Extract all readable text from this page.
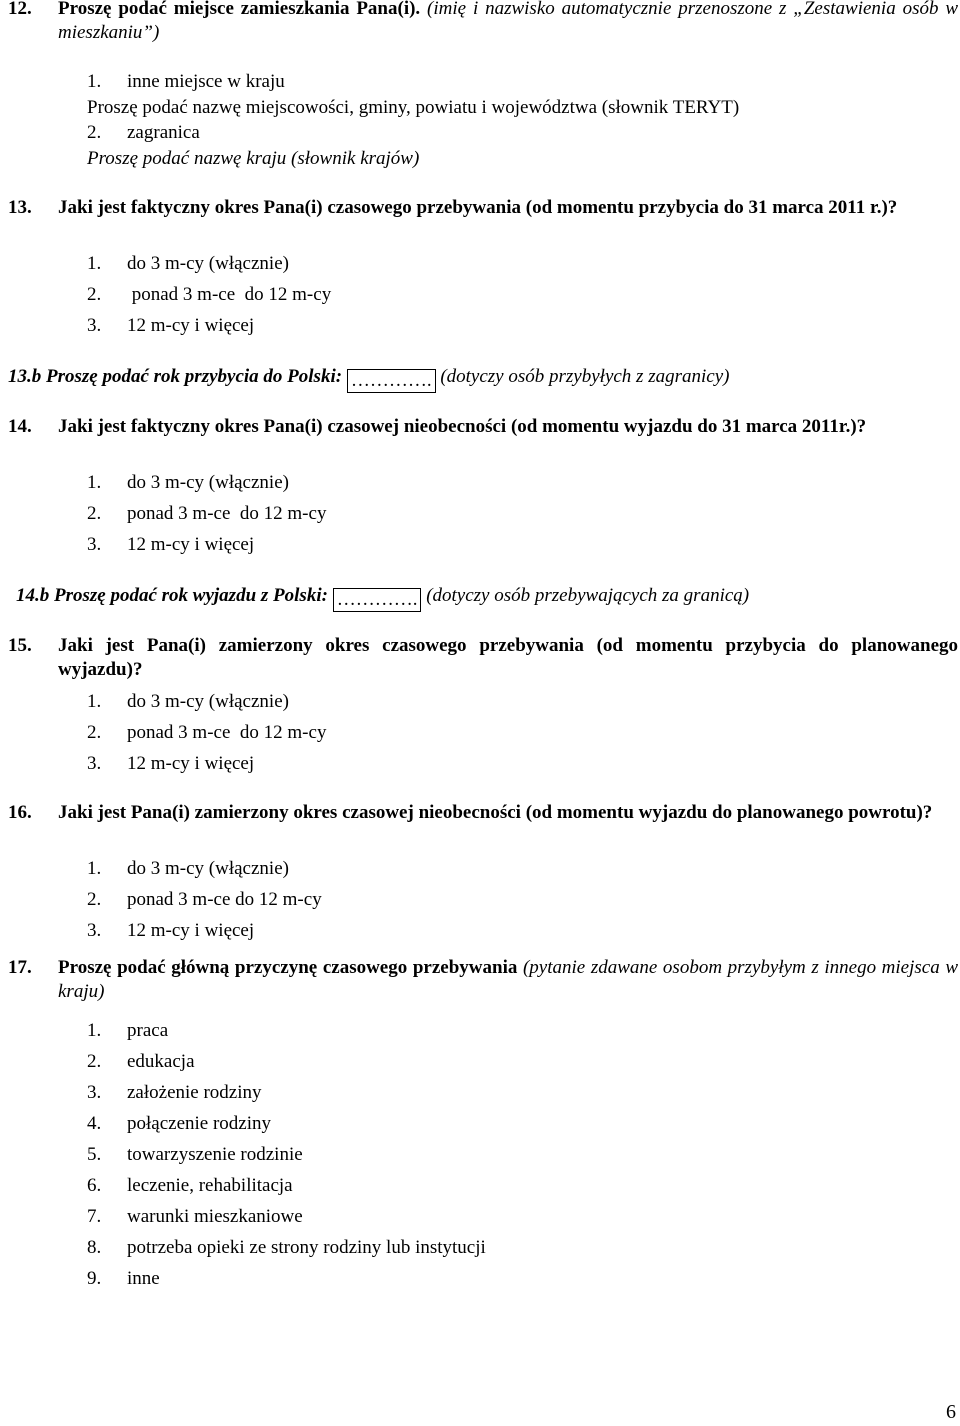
12. Proszę podać miejsce zamieszkania Pana(i). (imię i nazwisko automatycznie przenoszone z „Zestawienia osób w mieszkaniu”)
1. inne miejsce w kraju
Proszę podać nazwę miejscowości, gminy, powiatu i województwa (słownik TERYT)
2. zagranica
Proszę podać nazwę kraju (słownik krajów)
13. Jaki jest faktyczny okres Pana(i) czasowego przebywania (od momentu przybycia do 31 marca 2011 r.)?
1. do 3 m-cy (włącznie)
2. ponad 3 m-ce  do 12 m-cy
3. 12 m-cy i więcej
13.b Proszę podać rok przybycia do Polski: …………. (dotyczy osób przybyłych z zagranicy)
14. Jaki jest faktyczny okres Pana(i) czasowej nieobecności (od momentu wyjazdu do 31 marca 2011r.)?
1. do 3 m-cy (włącznie)
2. ponad 3 m-ce  do 12 m-cy
3. 12 m-cy i więcej
14.b Proszę podać rok wyjazdu z Polski: …………. (dotyczy osób przebywających za granicą)
15. Jaki jest Pana(i) zamierzony okres czasowego przebywania (od momentu przybycia do planowanego wyjazdu)?
1. do 3 m-cy (włącznie)
2. ponad 3 m-ce  do 12 m-cy
3. 12 m-cy i więcej
16. Jaki jest Pana(i) zamierzony okres czasowej nieobecności (od momentu wyjazdu do planowanego powrotu)?
1. do 3 m-cy (włącznie)
2. ponad 3 m-ce do 12 m-cy
3. 12 m-cy i więcej
17. Proszę podać główną przyczynę czasowego przebywania (pytanie zdawane osobom przybyłym z innego miejsca w kraju)
1. praca
2. edukacja
3. założenie rodziny
4. połączenie rodziny
5. towarzyszenie rodzinie
6. leczenie, rehabilitacja
7. warunki mieszkaniowe
8. potrzeba opieki ze strony rodziny lub instytucji
9. inne
6
